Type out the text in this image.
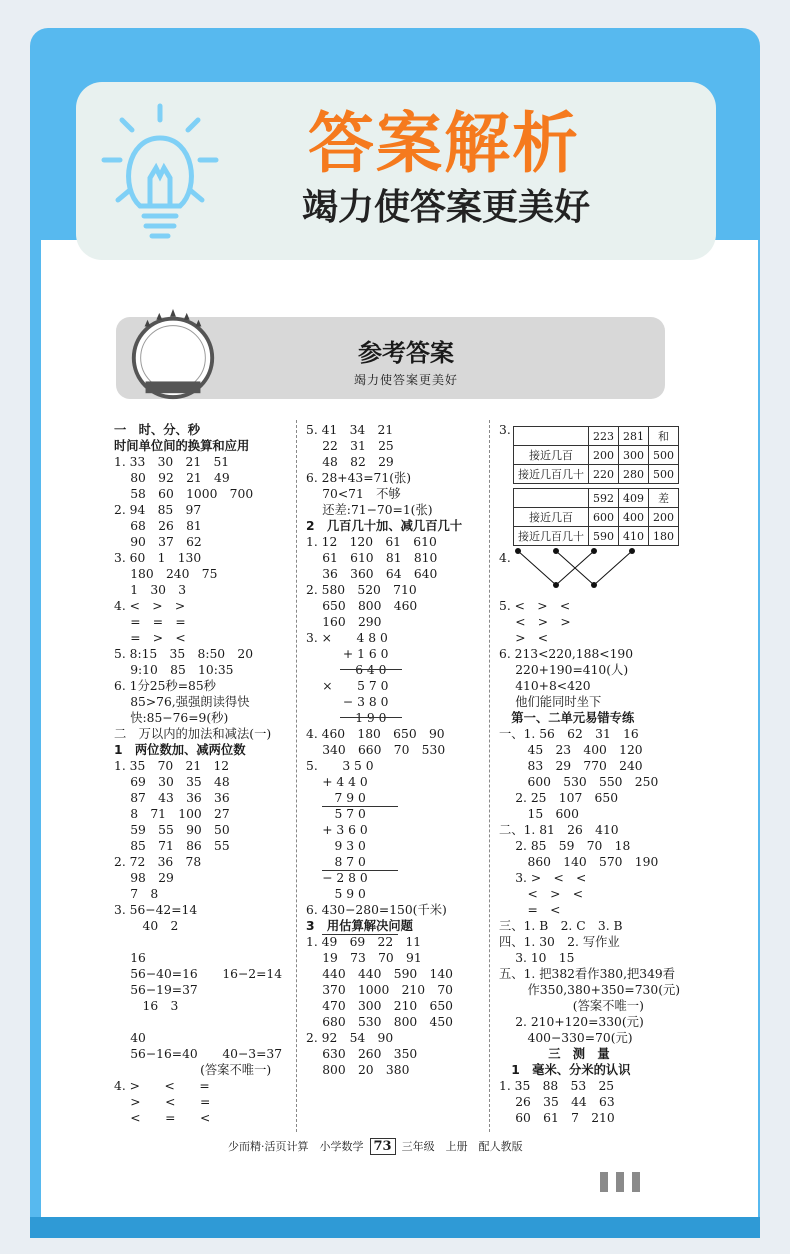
答案解析
竭力使答案更美好
参考答案
竭力使答案更美好
一　时、分、秒
时间单位间的换算和应用
1. 33　30　21　51
　 80　92　21　49
　 58　60　1000　700
2. 94　85　97
　 68　26　81
　 90　37　62
3. 60　1　130
　 180　240　75
　 1　30　3
4. <　>　>
　 =　=　=
　 =　>　<
5. 8:15　35　8:50　20
　 9:10　85　10:35
6. 1分25秒=85秒
　 85>76,强强朗读得快
　 快:85−76=9(秒)
二　万以内的加法和减法(一)
1　两位数加、减两位数
1. 35　70　21　12
　 69　30　35　48
　 87　43　36　36
　 8　71　100　27
　 59　55　90　50
　 85　71　86　55
2. 72　36　78
　 98　29
　 7　8
3. 56−42=14
　　 40　2
　 16
　 56−40=16　　16−2=14
　 56−19=37
　　 16　3
　 40
　 56−16=40　　40−3=37
　　　　　　　(答案不唯一)
4. >　　<　　=
　 >　　<　　=
　 <　　=　　<
5. 41　34　21
　 22　31　25
　 48　82　29
6. 28+43=71(张)
　 70<71　不够
　 还差:71−70=1(张)
2　几百几十加、减几百几十
1. 12　120　61　610
　 61　610　81　810
　 36　360　64　640
2. 580　520　710
　 650　800　460
　 160　290
3. ×　　4 8 0
　　　+ 1 6 0
　　　　6 4 0
　 ×　　5 7 0
　　　− 3 8 0
　　　　1 9 0
4. 460　180　650　90
　 340　660　70　530
5.　　3 5 0
　 + 4 4 0
　　 7 9 0
　　 5 7 0
　 + 3 6 0
　　 9 3 0
　　 8 7 0
　 − 2 8 0
　　 5 9 0
6. 430−280=150(千米)
3　用估算解决问题
1. 49　69　22　11
　 19　73　70　91
　 440　440　590　140
　 370　1000　210　70
　 470　300　210　650
　 680　530　800　450
2. 92　54　90
　 630　260　350
　 800　20　380
3.
4.
5. <　>　<
　 <　>　>
　 >　<
6. 213<220,188<190
　 220+190=410(人)
　 410+8<420
　 他们能同时坐下
　第一、二单元易错专练
一、1. 56　62　31　16
　　 45　23　400　120
　　 83　29　770　240
　　 600　530　550　250
　 2. 25　107　650
　　 15　600
二、1. 81　26　410
　 2. 85　59　70　18
　　 860　140　570　190
　 3. >　<　<
　　 <　>　<
　　 =　<
三、1. B　2. C　3. B
四、1. 30　2. 写作业
　 3. 10　15
五、1. 把382看作380,把349看
　　 作350,380+350=730(元)
　　　　　　(答案不唯一)
　 2. 210+120=330(元)
　　 400−330=70(元)
　　　　三　测　量
　1　毫米、分米的认识
1. 35　88　53　25
　 26　35　44　63
　 60　61　7　210
	223	281	和
接近几百	200	300	500
接近几百几十	220	280	500
	592	409	差
接近几百	600	400	200
接近几百几十	590	410	180
少而精·活页计算　小学数学 73 三年级　上册　配人教版
